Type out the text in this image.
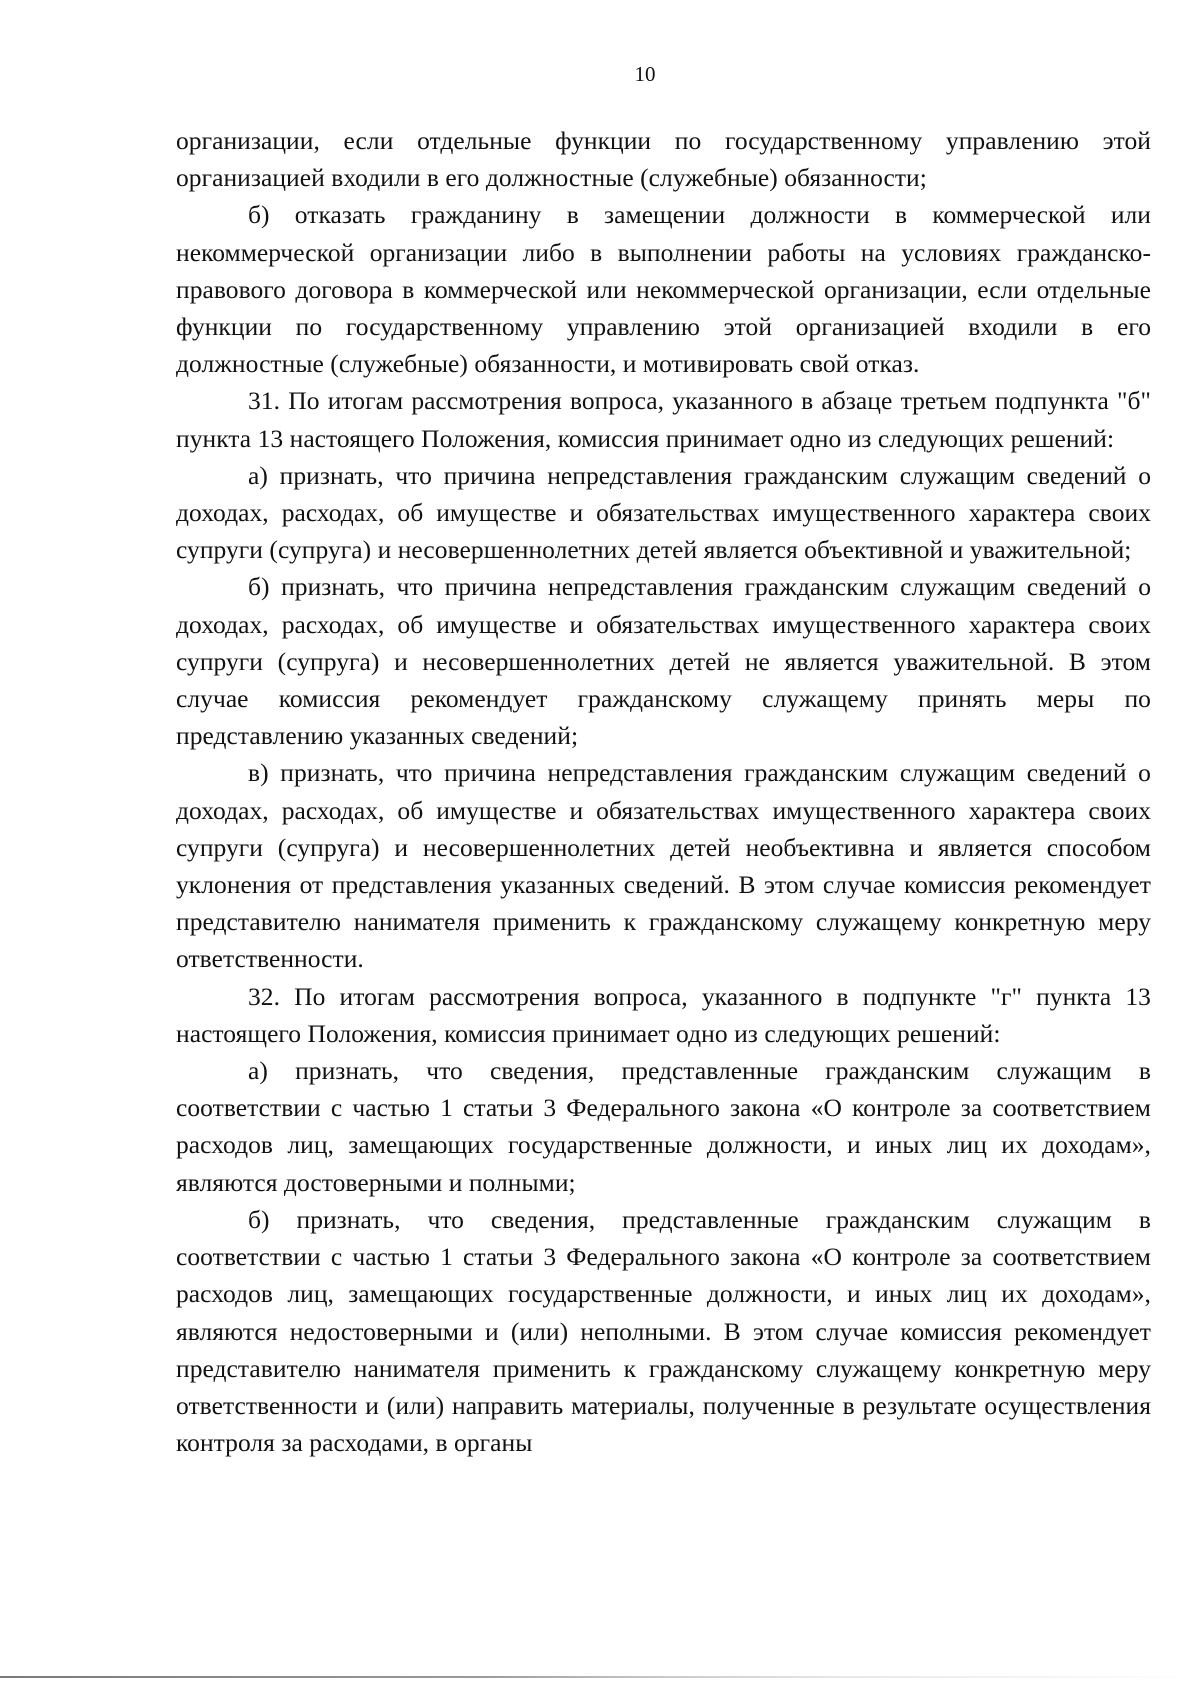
10

организации, если отдельные функции по государственному управлению этой организацией входили в его должностные (служебные) обязанности;

б) отказать гражданину в замещении должности в коммерческой или некоммерческой организации либо в выполнении работы на условиях гражданско-правового договора в коммерческой или некоммерческой организации, если отдельные функции по государственному управлению этой организацией входили в его должностные (служебные) обязанности, и мотивировать свой отказ.

31. По итогам рассмотрения вопроса, указанного в абзаце третьем подпункта "б" пункта 13 настоящего Положения, комиссия принимает одно из следующих решений:

а) признать, что причина непредставления гражданским служащим сведений о доходах, расходах, об имуществе и обязательствах имущественного характера своих супруги (супруга) и несовершеннолетних детей является объективной и уважительной;

б) признать, что причина непредставления гражданским служащим сведений о доходах, расходах, об имуществе и обязательствах имущественного характера своих супруги (супруга) и несовершеннолетних детей не является уважительной. В этом случае комиссия рекомендует гражданскому служащему принять меры по представлению указанных сведений;

в) признать, что причина непредставления гражданским служащим сведений о доходах, расходах, об имуществе и обязательствах имущественного характера своих супруги (супруга) и несовершеннолетних детей необъективна и является способом уклонения от представления указанных сведений. В этом случае комиссия рекомендует представителю нанимателя применить к гражданскому служащему конкретную меру ответственности.

32. По итогам рассмотрения вопроса, указанного в подпункте "г" пункта 13 настоящего Положения, комиссия принимает одно из следующих решений:

а) признать, что сведения, представленные гражданским служащим в соответствии с частью 1 статьи 3 Федерального закона «О контроле за соответствием расходов лиц, замещающих государственные должности, и иных лиц их доходам», являются достоверными и полными;

б) признать, что сведения, представленные гражданским служащим в соответствии с частью 1 статьи 3 Федерального закона «О контроле за соответствием расходов лиц, замещающих государственные должности, и иных лиц их доходам», являются недостоверными и (или) неполными. В этом случае комиссия рекомендует представителю нанимателя применить к гражданскому служащему конкретную меру ответственности и (или) направить материалы, полученные в результате осуществления контроля за расходами, в органы
